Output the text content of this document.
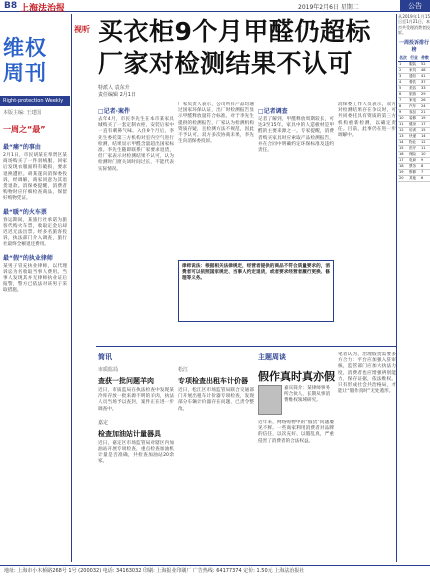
B8 上海法治报	2019年2月6日 星期二	公告
维权
周刊
Right-protection Weekly
本版主编: 王建国
一周之“最”
最“痛”的事由
2月1日，市民胡某在奉贤区某商场购买了一件羽绒服，回家后发现衣服面料有破损，要求退换遭拒。胡某遂向消保委投诉，经调解，商家同意为其退货退款。消保委提醒，消费者购物时应仔细检查商品，保留好购物凭证。
最“暖”的火车票
春运期间，某旅行社承诺为旅客代购火车票，收取定金后却迟迟无法出票。经多名旅客投诉，执法部门介入调查，旅行社最终全额退还费用。
最“假”的执业律师
某男子冒充执业律师，以代理诉讼为名收取当事人费用。当事人发现其并无律师执业证后报警，警方已依法对该男子采取措施。
视听 买衣柜9个月甲醛仍超标
厂家对检测结果不认可
特派人 袁东升
责任编辑 2月1日
□记者·案件
去年4月，市民李先生在本市某家具城购买了一套定制衣柜，安装后家中一直有刺鼻气味。入住9个月后，李先生委托第三方机构对室内空气进行检测，结果显示甲醛含量超出国家标准。李先生随即联系厂家要求退货，但厂家表示对检测结果不认可，认为检测时门窗关闭时间过长，不能代表实际情况。
厂家负责人表示，公司所有产品均通过国家环保认证，出厂时检测报告显示甲醛释放量符合标准。对于李先生提供的检测报告，厂家认为检测机构资质存疑，且检测方法不规范，因此不予认可。双方多次协商未果，李先生向消保委投诉。
□记者调查
记者了解到，甲醛释放周期较长，可达3至15年。家具中的人造板材是甲醛的主要来源之一。专家提醒，消费者购买家具时应索取产品检测报告，并在合同中明确约定环保标准及违约责任。
消保委工作人员表示，双方对检测结果存在争议时，可共同委托具有资质的第三方机构重新检测，以确定责任。目前，此事仍在进一步调解中。
律师说法：根据相关法律规定，经营者提供的商品不符合质量要求的，消费者可以依照国家规定、当事人约定退货，或者要求经营者履行更换、修理等义务。
简讯
市质监局
查获一批问题羊肉
近日，市质监局在执法检查中发现某冷库存放一批来源不明的羊肉，执法人员当场予以查封，案件正在进一步调查中。
嘉定
检查加油站计量器具
近日，嘉定区市场监管局对辖区内加油站开展专项检查，重点检查加油机计量是否准确，共检查加油站20余家。
松江
专项检查出租车计价器
近日，松江区市场监管局联合交通部门开展出租车计价器专项检查，发现部分车辆计价器存在问题，已责令整改。
主题周谈
假作真时真亦假
嘉宾简介：某律师事务所合伙人，长期从事消费维权领域研究。
近年来，网络购物中的“假货”问题屡见不鲜。一些商家利用消费者对品牌的信任，以次充好、以假乱真，严重侵害了消费者的合法权益。
笔者认为，治理假货需要多方合力：平台应加强入驻审核，监管部门应加大执法力度，消费者也应增强辨别能力，保存证据，依法维权。只有形成社会共治格局，才能让“假作真时”无处遁形。
从2019年1月15日至1月21日，本市共受理消费者投诉。
一周投诉排行榜
名次	行业	件数
1	服装	52
2	家具	48
3	通信	41
4	餐饮	37
5	美容	33
6	旅游	29
7	家电	26
8	汽车	24
9	食品	21
10	装修	19
11	健身	17
12	培训	15
13	快递	14
14	物业	12
15	医疗	11
16	保险	10
17	电商	9
18	票务	8
19	维修	7
20	其他	6
地址: 上海市小木桥路268号 1号 (200032) 电话: 34163032 印刷: 上海报业印刷厂 广告热线: 64177374 定价: 1.50元 上海法治报社
